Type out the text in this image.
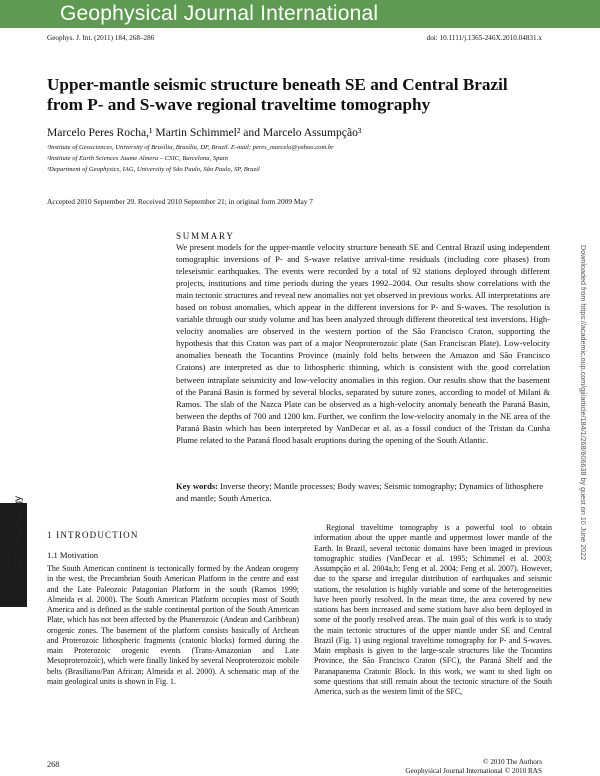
Geophysical Journal International
Geophys. J. Int. (2011) 184, 268–286	doi: 10.1111/j.1365-246X.2010.04831.x
Upper-mantle seismic structure beneath SE and Central Brazil from P- and S-wave regional traveltime tomography
Marcelo Peres Rocha,¹ Martin Schimmel² and Marcelo Assumpção³
¹Institute of Geosciences, University of Brasília, Brasília, DF, Brazil. E-mail: peres_marcelo@yahoo.com.br
²Institute of Earth Sciences Jaume Almera – CSIC, Barcelona, Spain
³Department of Geophysics, IAG, University of São Paulo, São Paulo, SP, Brazil
Accepted 2010 September 29. Received 2010 September 21; in original form 2009 May 7
SUMMARY
We present models for the upper-mantle velocity structure beneath SE and Central Brazil using independent tomographic inversions of P- and S-wave relative arrival-time residuals (including core phases) from teleseismic earthquakes. The events were recorded by a total of 92 stations deployed through different projects, institutions and time periods during the years 1992–2004. Our results show correlations with the main tectonic structures and reveal new anomalies not yet observed in previous works. All interpretations are based on robust anomalies, which appear in the different inversions for P- and S-waves. The resolution is variable through our study volume and has been analyzed through different theoretical test inversions. High-velocity anomalies are observed in the western portion of the São Francisco Craton, supporting the hypothesis that this Craton was part of a major Neoproterozoic plate (San Franciscan Plate). Low-velocity anomalies beneath the Tocantins Province (mainly fold belts between the Amazon and São Francisco Cratons) are interpreted as due to lithospheric thinning, which is consistent with the good correlation between intraplate seismicity and low-velocity anomalies in this region. Our results show that the basement of the Paraná Basin is formed by several blocks, separated by suture zones, according to model of Milani & Ramos. The slab of the Nazca Plate can be observed as a high-velocity anomaly beneath the Paraná Basin, between the depths of 700 and 1200 km. Further, we confirm the low-velocity anomaly in the NE area of the Paraná Basin which has been interpreted by VanDecar et al. as a fossil conduct of the Tristan da Cunha Plume related to the Paraná flood basalt eruptions during the opening of the South Atlantic.
Key words: Inverse theory; Mantle processes; Body waves; Seismic tomography; Dynamics of lithosphere and mantle; South America.
GJI Seismology	Downloaded from https://academic.oup.com/gji/article/184/1/268/606638 by guest on 10 June 2022
1 INTRODUCTION
1.1 Motivation

The South American continent is tectonically formed by the Andean orogeny in the west, the Precambrian South American Platform in the centre and east and the Late Paleozoic Patagonian Platform in the south (Ramos 1999; Almeida et al. 2000). The South American Platform occupies most of South America and is defined as the stable continental portion of the South American Plate, which has not been affected by the Phanerozoic (Andean and Caribbean) orogenic zones. The basement of the platform consists basically of Archean and Proterozoic lithospheric fragments (cratonic blocks) formed during the main Proterozoic orogenic events (Trans-Amazonian and Late Mesoproterozoic), which were finally linked by several Neoproterozoic mobile belts (Brasiliano/Pan African; Almeida et al. 2000). A schematic map of the main geological units is shown in Fig. 1.

Regional traveltime tomography is a powerful tool to obtain information about the upper mantle and uppermost lower mantle of the Earth. In Brazil, several tectonic domains have been imaged in previous tomographic studies (VanDecar et al. 1995; Schimmel et al. 2003; Assumpção et al. 2004a,b; Feng et al. 2004; Feng et al. 2007). However, due to the sparse and irregular distribution of earthquakes and seismic stations, the resolution is highly variable and some of the heterogeneities have been poorly resolved. In the mean time, the area covered by new stations has been increased and some stations have also been deployed in some of the poorly resolved areas. The main goal of this work is to study the main tectonic structures of the upper mantle under SE and Central Brazil (Fig. 1) using regional traveltime tomography for P- and S-waves. Main emphasis is given to the large-scale structures like the Tocantins Province, the São Francisco Craton (SFC), the Paraná Shelf and the Paranapanema Cratonic Block. In this work, we want to shed light on some questions that still remain about the tectonic structure of the South America, such as the western limit of the SFC,

268	© 2010 The Authors
Geophysical Journal International © 2010 RAS
